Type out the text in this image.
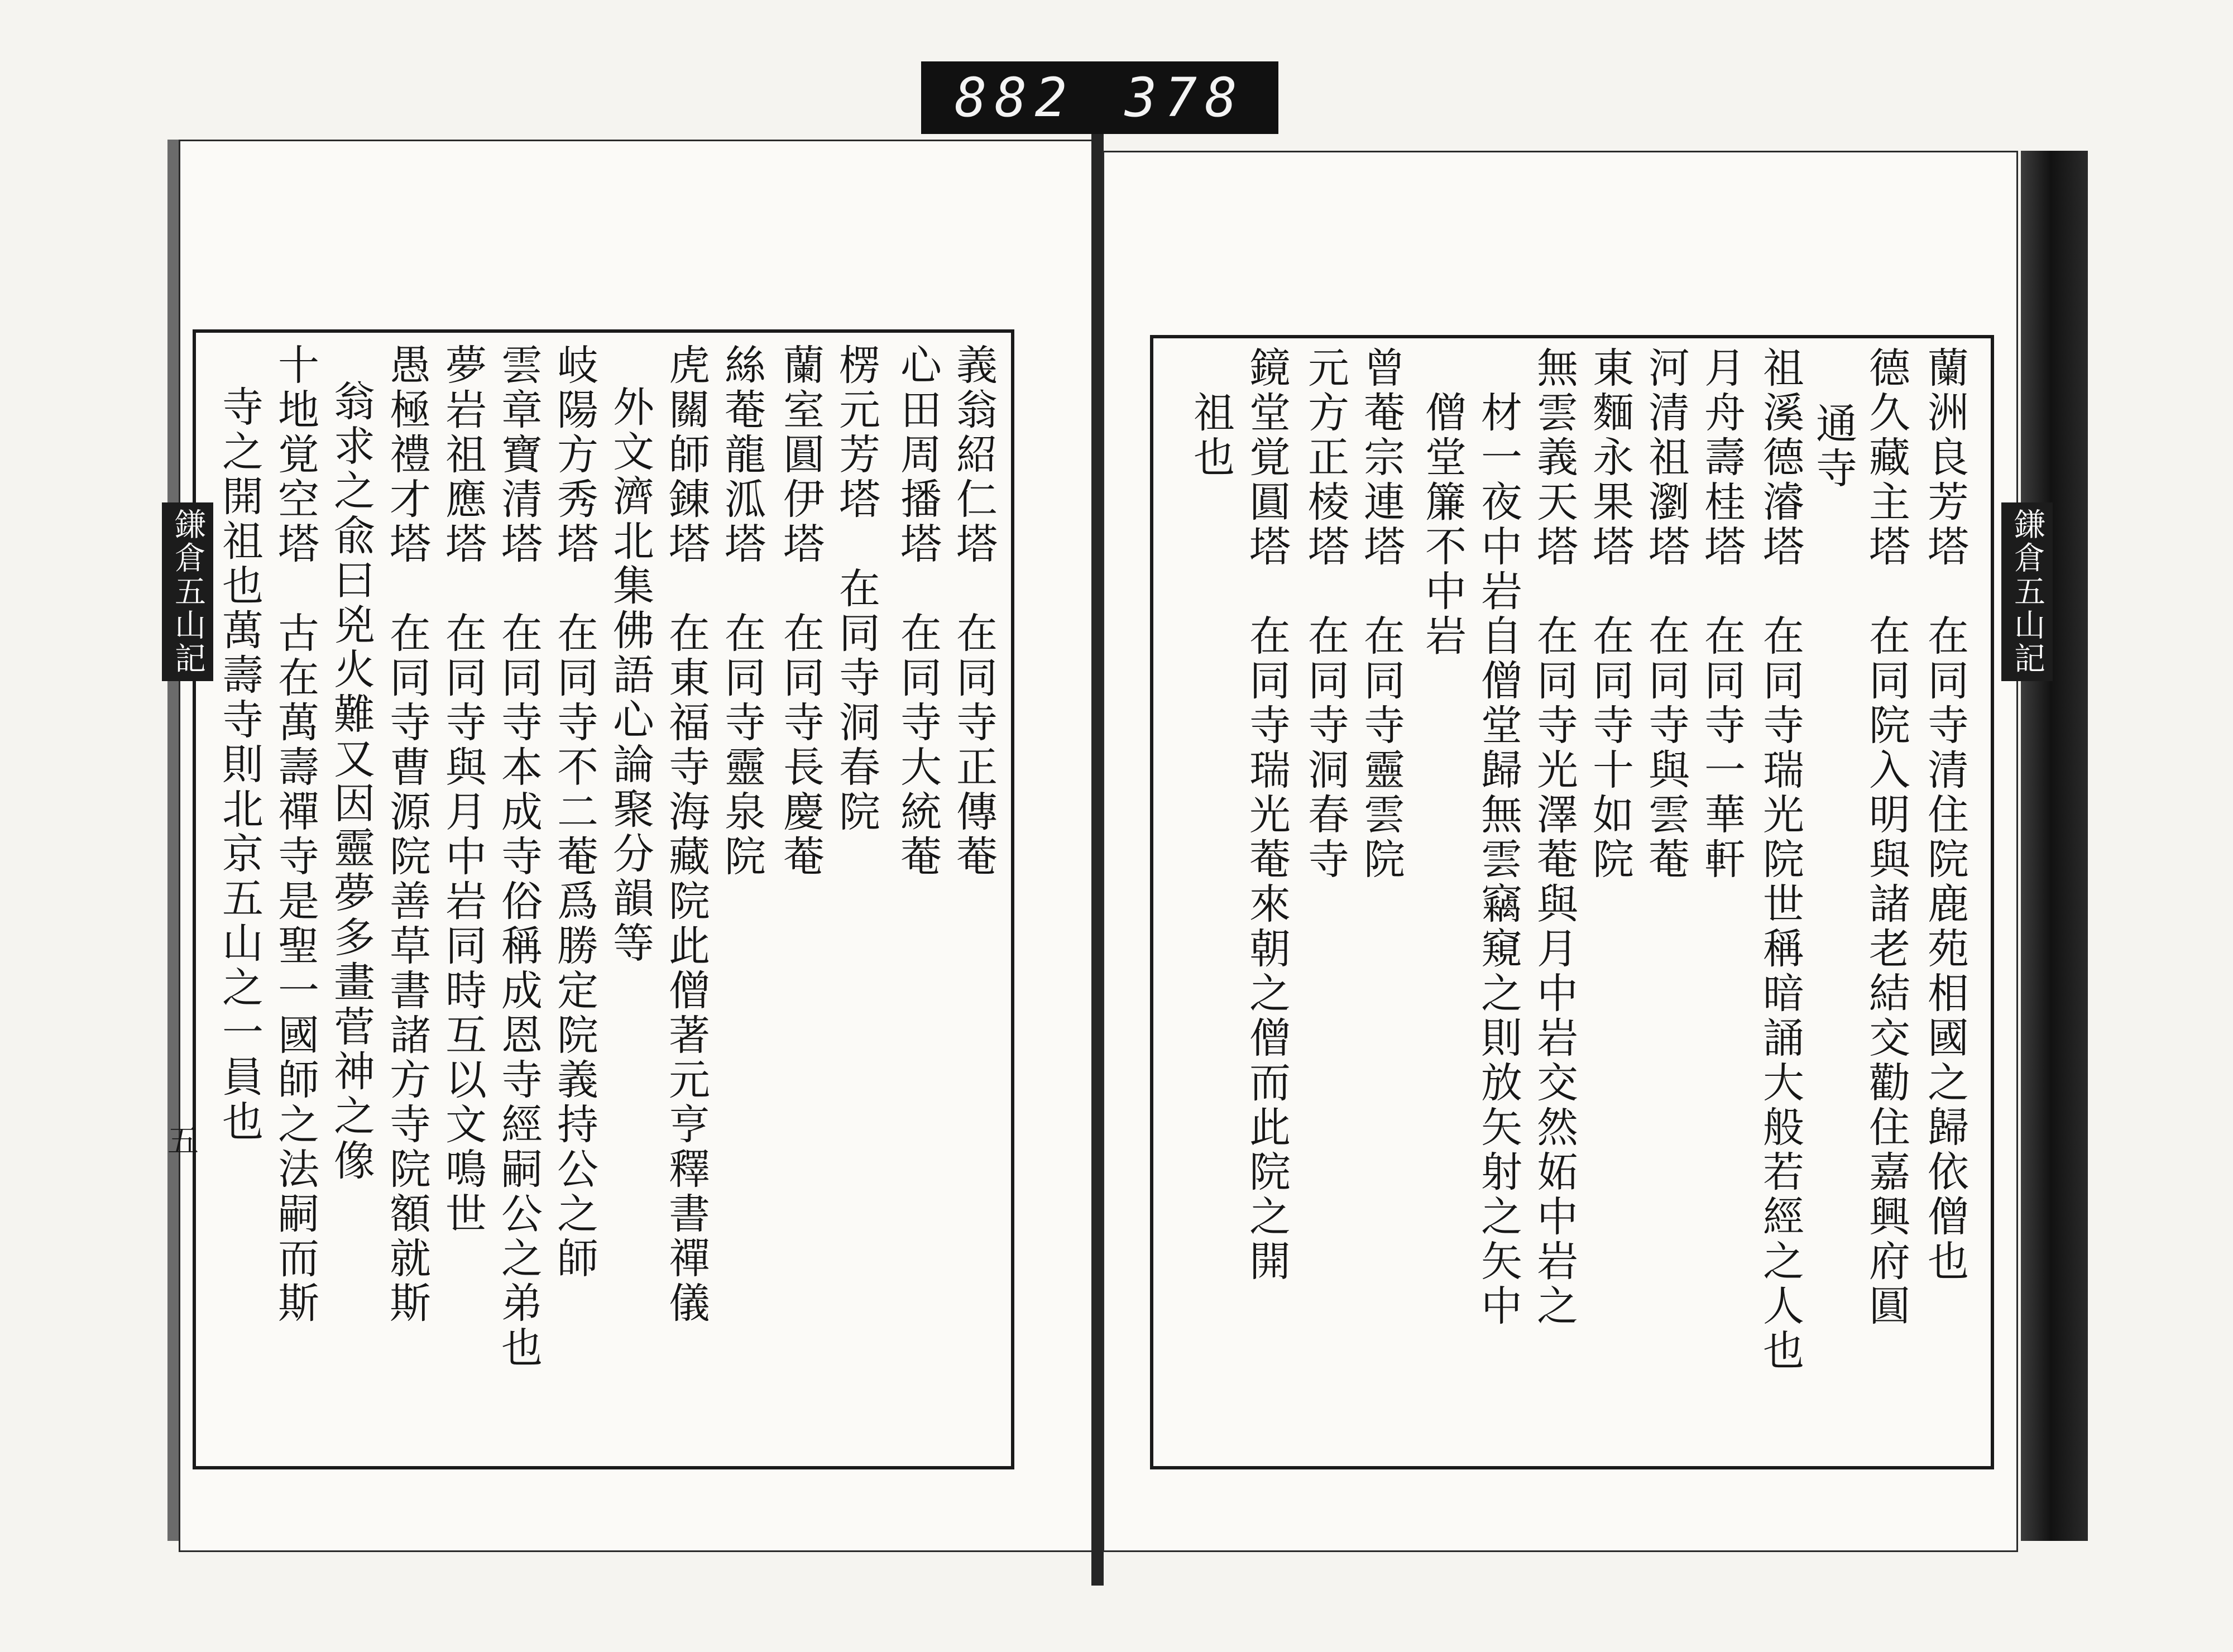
882 378
鎌倉五山記
蘭洲良芳塔　在同寺清住院鹿苑相國之歸依僧也
德久藏主塔　在同院入明與諸老結交勸住嘉興府圓
通寺
祖溪德濬塔　在同寺瑞光院世稱暗誦大般若經之人也
月舟壽桂塔　在同寺一華軒
河清祖瀏塔　在同寺與雲菴
東麵永果塔　在同寺十如院
無雲義天塔　在同寺光澤菴與月中岩交然妬中岩之
材一夜中岩自僧堂歸無雲竊窺之則放矢射之矢中
僧堂簾不中岩
曾菴宗連塔　在同寺靈雲院
元方正棱塔　在同寺洞春寺
鏡堂覚圓塔　在同寺瑞光菴來朝之僧而此院之開
祖也
鎌倉五山記
五
義翁紹仁塔　在同寺正傳菴
心田周播塔　在同寺大統菴
楞元芳塔　在同寺洞春院
蘭室圓伊塔　在同寺長慶菴
絲菴龍泒塔　在同寺靈泉院
虎關師錬塔　在東福寺海藏院此僧著元亨釋書禪儀
外文濟北集佛語心論聚分韻等
岐陽方秀塔　在同寺不二菴爲勝定院義持公之師
雲章寶清塔　在同寺本成寺俗稱成恩寺經嗣公之弟也
夢岩祖應塔　在同寺與月中岩同時互以文鳴世
愚極禮才塔　在同寺曹源院善草書諸方寺院額就斯
翁求之兪曰兇火難又因靈夢多畫菅神之像
十地覚空塔　古在萬壽禪寺是聖一國師之法嗣而斯
寺之開祖也萬壽寺則北京五山之一員也
